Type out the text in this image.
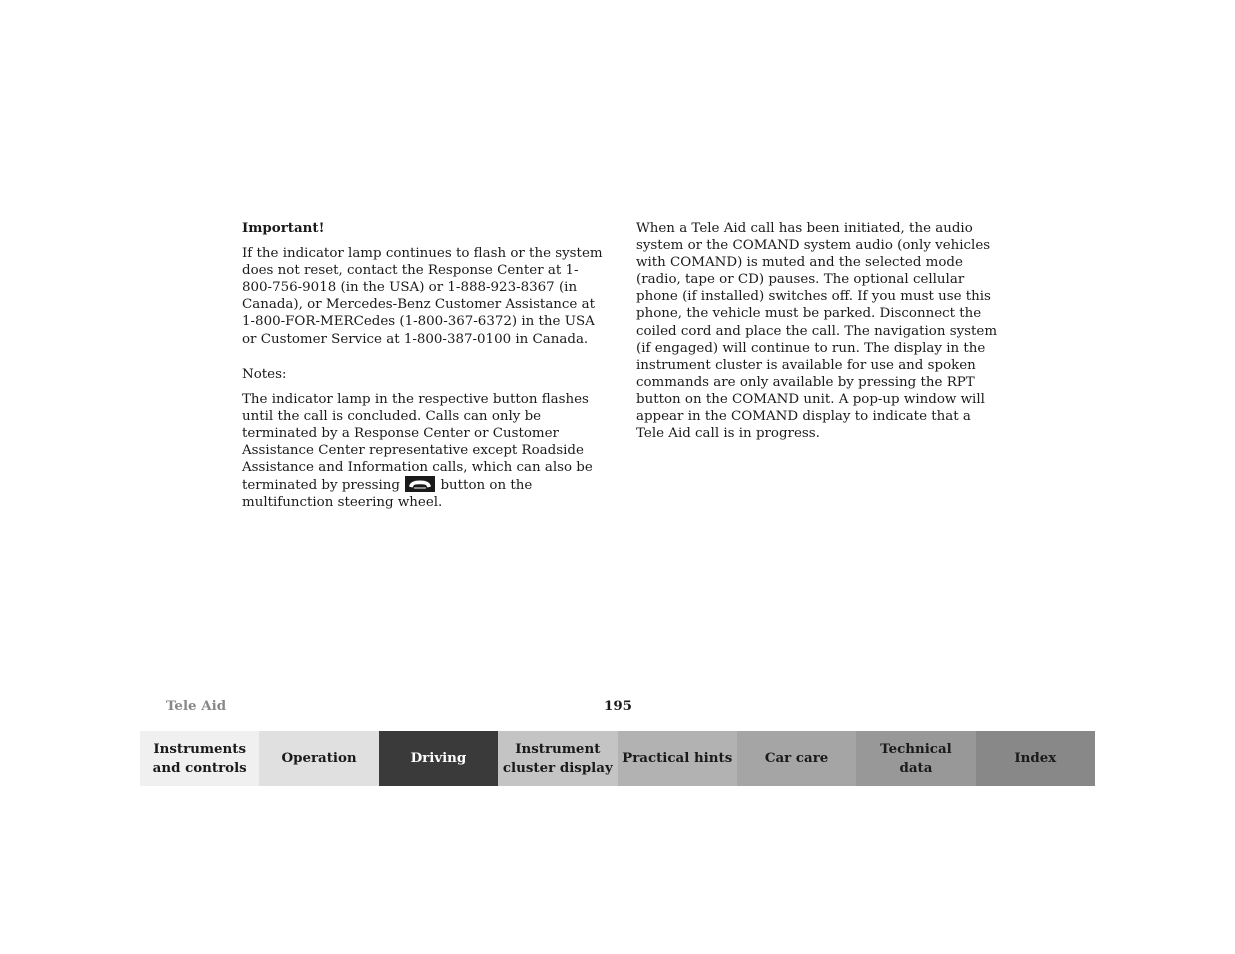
Important!

If the indicator lamp continues to flash or the system does not reset, contact the Response Center at 1-800-756-9018 (in the USA) or 1-888-923-8367 (in Canada), or Mercedes-Benz Customer Assistance at 1-800-FOR-MERCedes (1-800-367-6372) in the USA or Customer Service at 1-800-387-0100 in Canada.

Notes:

The indicator lamp in the respective button flashes until the call is concluded. Calls can only be terminated by a Response Center or Customer Assistance Center representative except Roadside Assistance and Information calls, which can also be terminated by pressing	button on the multifunction steering wheel.

When a Tele Aid call has been initiated, the audio system or the COMAND system audio (only vehicles with COMAND) is muted and the selected mode (radio, tape or CD) pauses. The optional cellular phone (if installed) switches off. If you must use this phone, the vehicle must be parked. Disconnect the coiled cord and place the call. The navigation system (if engaged) will continue to run. The display in the instrument cluster is available for use and spoken commands are only available by pressing the RPT button on the COMAND unit. A pop-up window will appear in the COMAND display to indicate that a Tele Aid call is in progress.

Tele Aid	195
Instruments
and controls
Operation	Driving
Instrument
cluster display
Practical hints	Car care
Technical
data
Index
